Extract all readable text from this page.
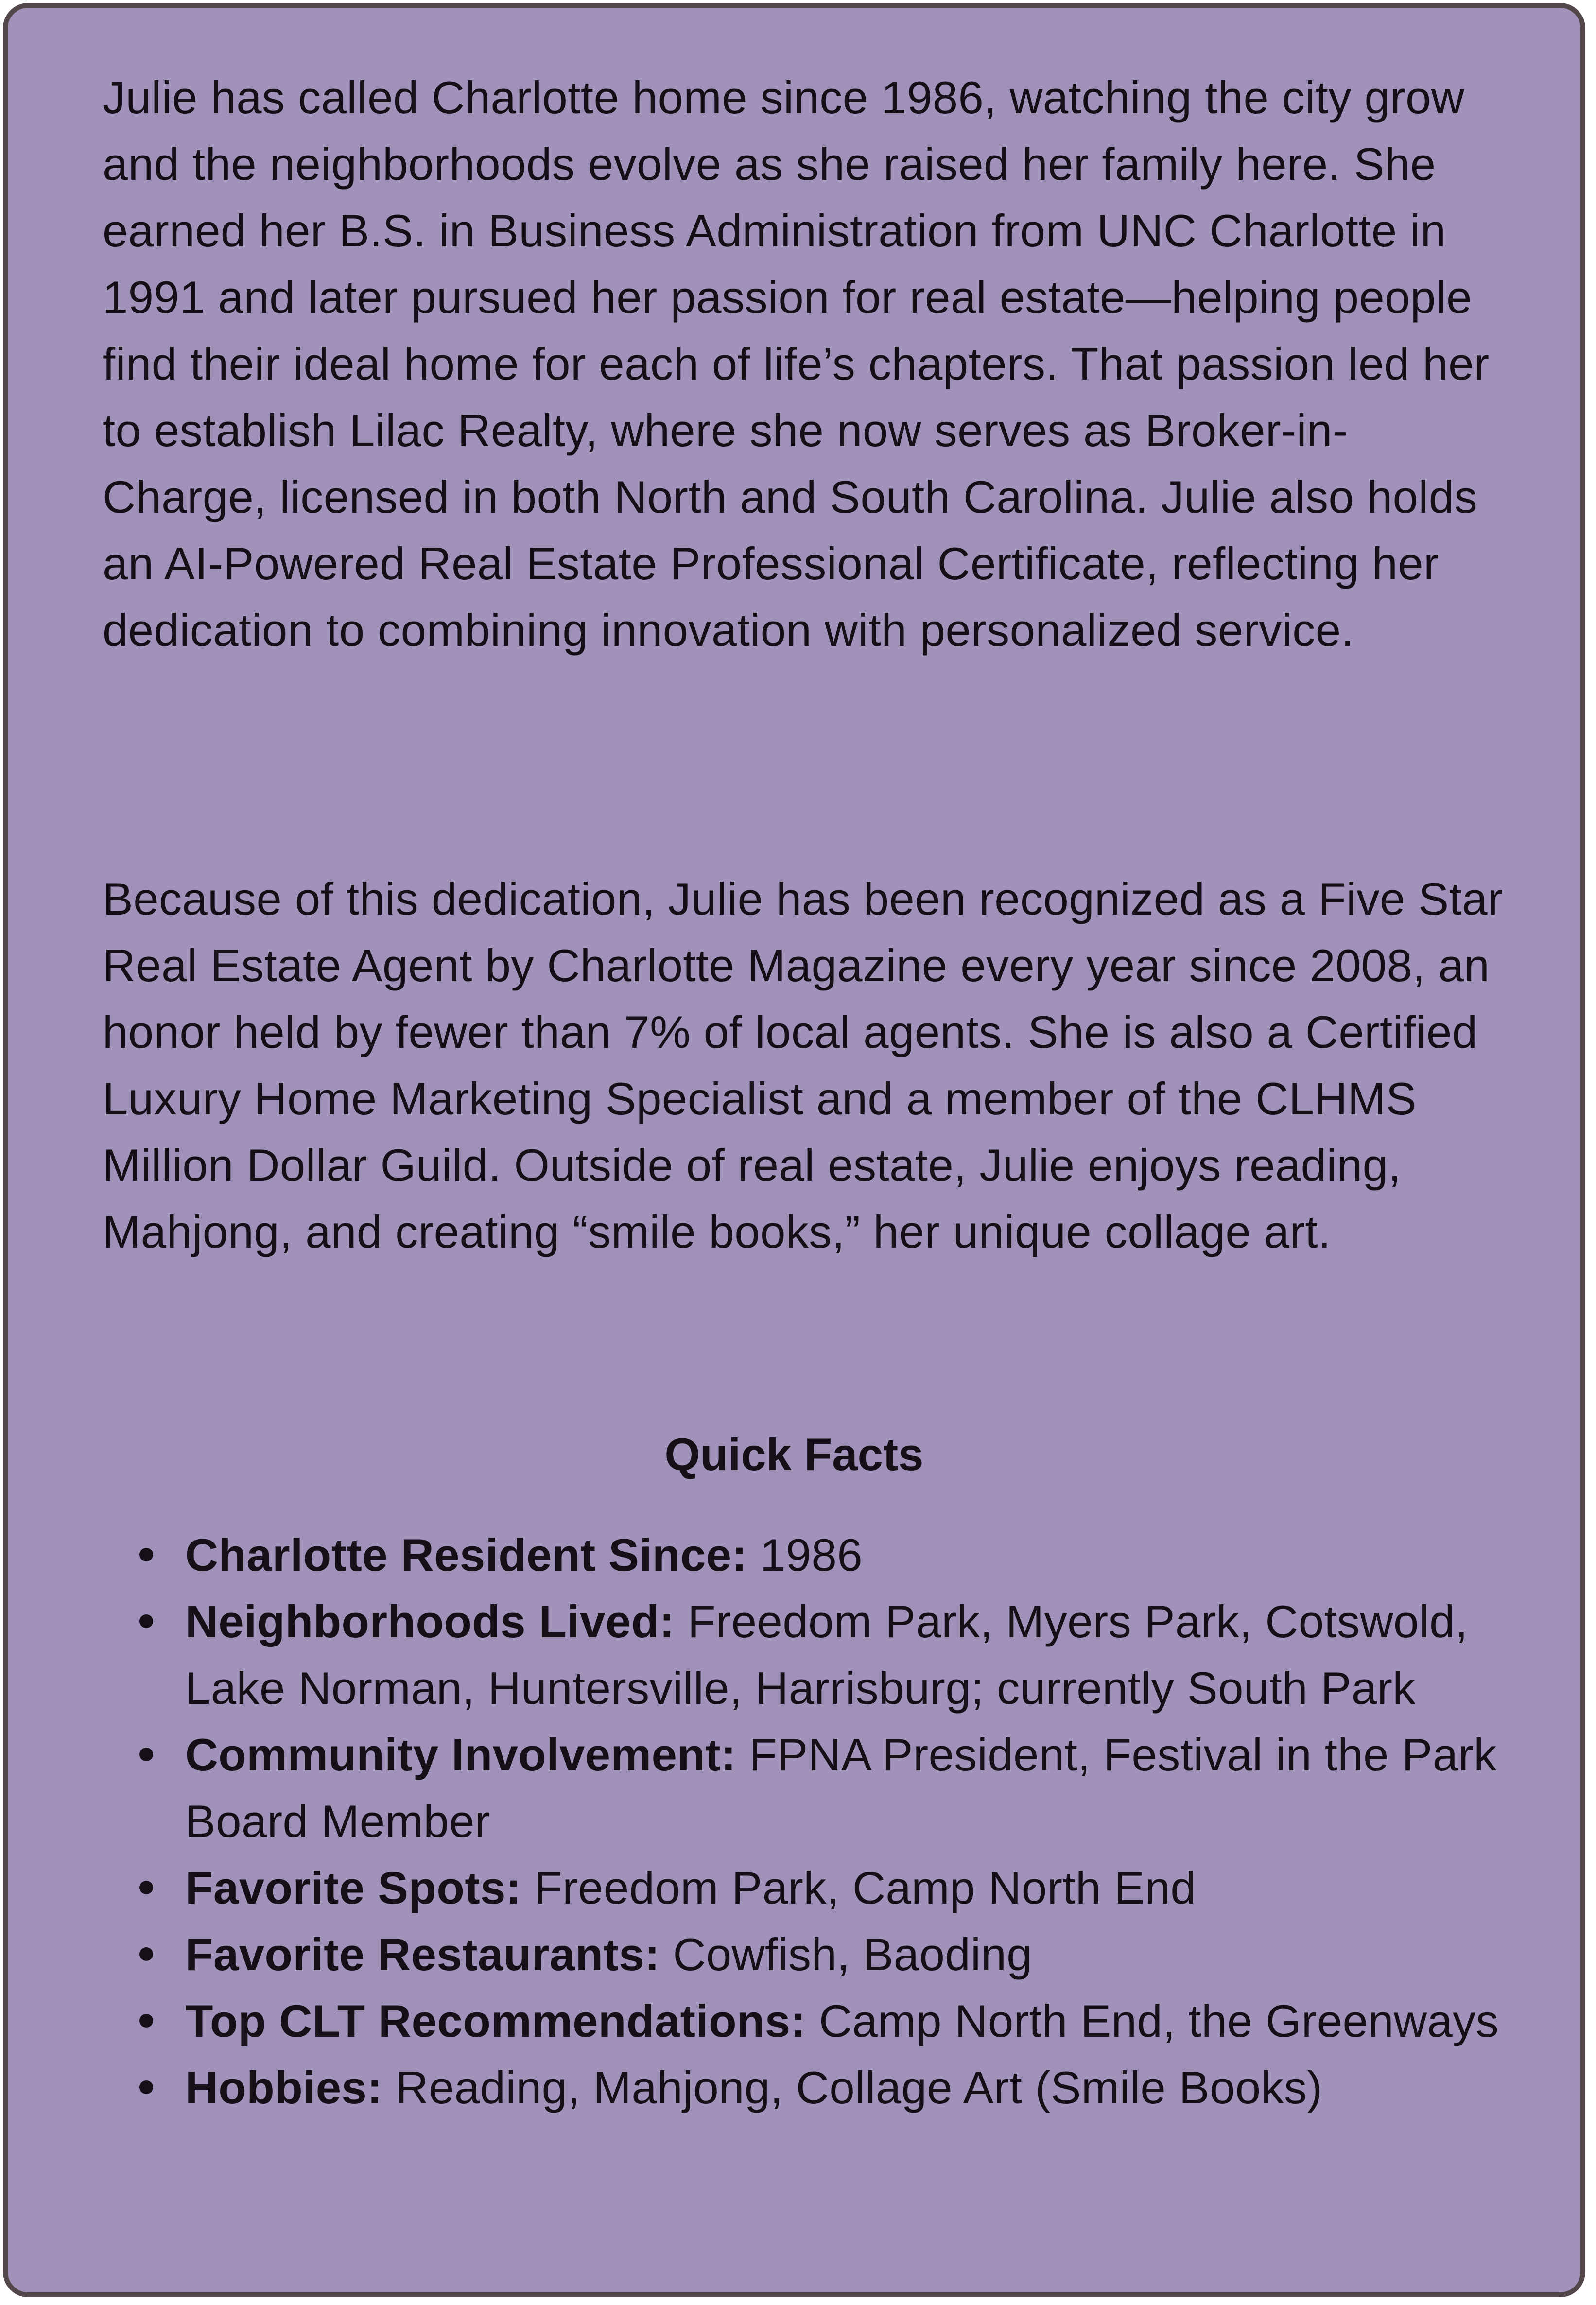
Julie has called Charlotte home since 1986, watching the city grow and the neighborhoods evolve as she raised her family here. She earned her B.S. in Business Administration from UNC Charlotte in 1991 and later pursued her passion for real estate—helping people find their ideal home for each of life’s chapters. That passion led her to establish Lilac Realty, where she now serves as Broker-in-Charge, licensed in both North and South Carolina. Julie also holds an AI-Powered Real Estate Professional Certificate, reflecting her dedication to combining innovation with personalized service.

Because of this dedication, Julie has been recognized as a Five Star Real Estate Agent by Charlotte Magazine every year since 2008, an honor held by fewer than 7% of local agents. She is also a Certified Luxury Home Marketing Specialist and a member of the CLHMS Million Dollar Guild. Outside of real estate, Julie enjoys reading, Mahjong, and creating “smile books,” her unique collage art.

Quick Facts
Charlotte Resident Since: 1986
Neighborhoods Lived: Freedom Park, Myers Park, Cotswold, Lake Norman, Huntersville, Harrisburg; currently South Park
Community Involvement: FPNA President, Festival in the Park Board Member
Favorite Spots: Freedom Park, Camp North End
Favorite Restaurants: Cowfish, Baoding
Top CLT Recommendations: Camp North End, the Greenways
Hobbies: Reading, Mahjong, Collage Art (Smile Books)
